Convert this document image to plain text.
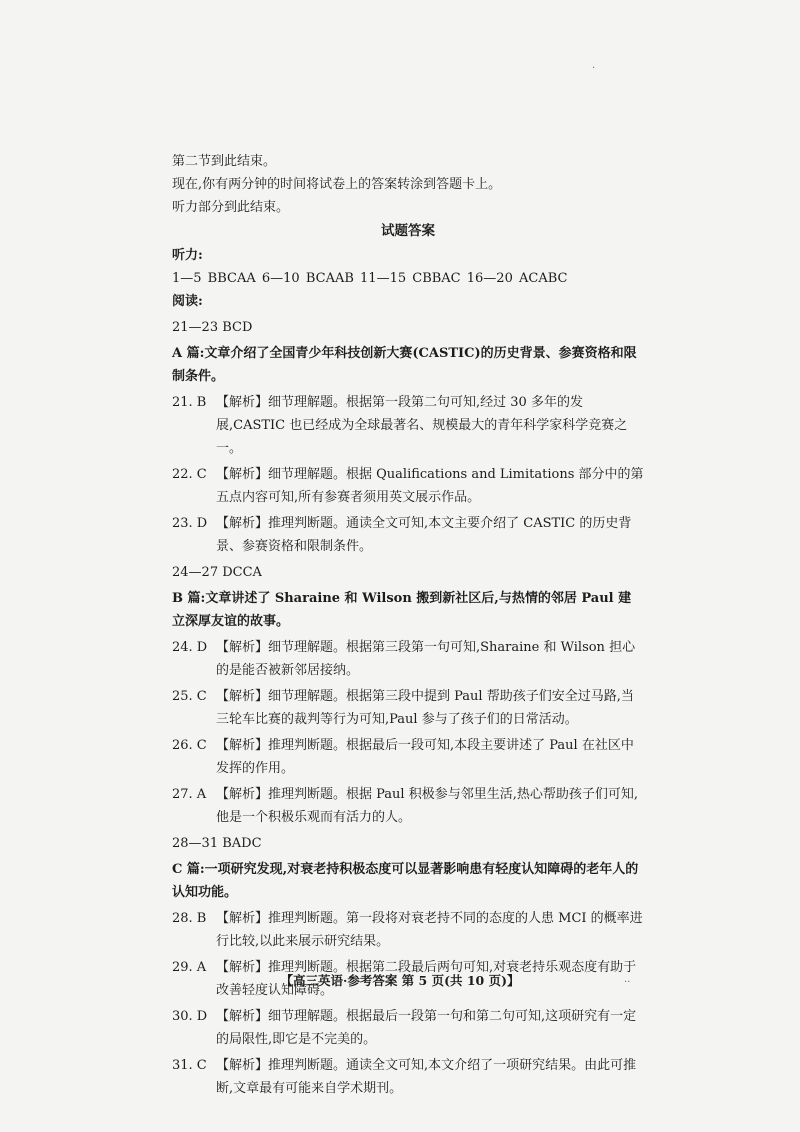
.
第二节到此结束。
现在,你有两分钟的时间将试卷上的答案转涂到答题卡上。
听力部分到此结束。
试题答案
听力:
1—5 BBCAA 6—10 BCAAB 11—15 CBBAC 16—20 ACABC
阅读:
21—23 BCD
A 篇:文章介绍了全国青少年科技创新大赛(CASTIC)的历史背景、参赛资格和限制条件。
21. B 【解析】细节理解题。根据第一段第二句可知,经过 30 多年的发展,CASTIC 也已经成为全球最著名、规模最大的青年科学家科学竞赛之一。
22. C 【解析】细节理解题。根据 Qualifications and Limitations 部分中的第五点内容可知,所有参赛者须用英文展示作品。
23. D 【解析】推理判断题。通读全文可知,本文主要介绍了 CASTIC 的历史背景、参赛资格和限制条件。
24—27 DCCA
B 篇:文章讲述了 Sharaine 和 Wilson 搬到新社区后,与热情的邻居 Paul 建立深厚友谊的故事。
24. D 【解析】细节理解题。根据第三段第一句可知,Sharaine 和 Wilson 担心的是能否被新邻居接纳。
25. C 【解析】细节理解题。根据第三段中提到 Paul 帮助孩子们安全过马路,当三轮车比赛的裁判等行为可知,Paul 参与了孩子们的日常活动。
26. C 【解析】推理判断题。根据最后一段可知,本段主要讲述了 Paul 在社区中发挥的作用。
27. A 【解析】推理判断题。根据 Paul 积极参与邻里生活,热心帮助孩子们可知,他是一个积极乐观而有活力的人。
28—31 BADC
C 篇:一项研究发现,对衰老持积极态度可以显著影响患有轻度认知障碍的老年人的认知功能。
28. B 【解析】推理判断题。第一段将对衰老持不同的态度的人患 MCI 的概率进行比较,以此来展示研究结果。
29. A 【解析】推理判断题。根据第二段最后两句可知,对衰老持乐观态度有助于改善轻度认知障碍。
30. D 【解析】细节理解题。根据最后一段第一句和第二句可知,这项研究有一定的局限性,即它是不完美的。
31. C 【解析】推理判断题。通读全文可知,本文介绍了一项研究结果。由此可推断,文章最有可能来自学术期刊。
【高三英语·参考答案 第 5 页(共 10 页)】	..
